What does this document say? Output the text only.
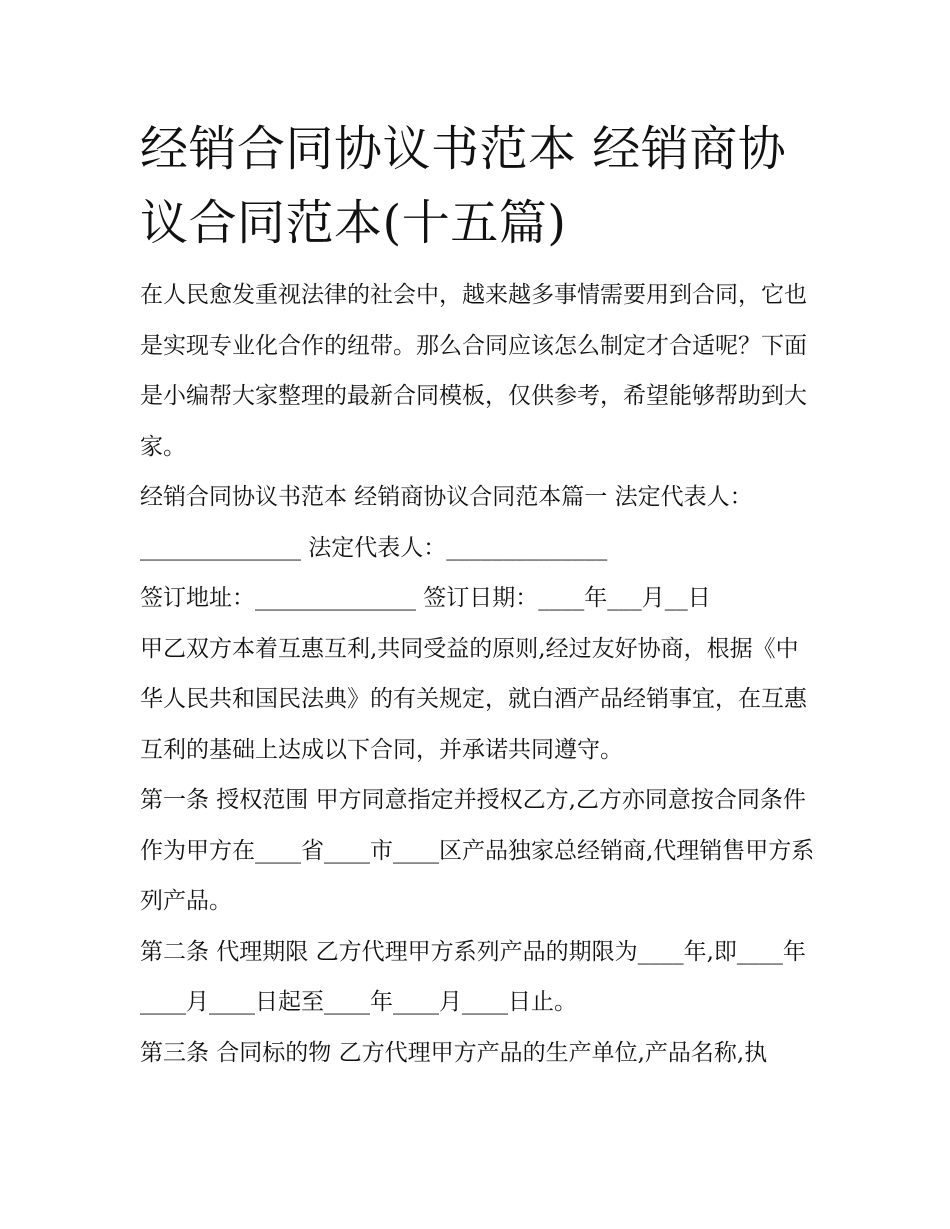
经销合同协议书范本 经销商协议合同范本(十五篇)

在人民愈发重视法律的社会中，越来越多事情需要用到合同，它也是实现专业化合作的纽带。那么合同应该怎么制定才合适呢？下面是小编帮大家整理的最新合同模板，仅供参考，希望能够帮助到大家。

经销合同协议书范本 经销商协议合同范本篇一 法定代表人：______________ 法定代表人：______________

签订地址：______________ 签订日期：____年___月__日

甲乙双方本着互惠互利,共同受益的原则,经过友好协商，根据《中华人民共和国民法典》的有关规定，就白酒产品经销事宜，在互惠互利的基础上达成以下合同，并承诺共同遵守。

第一条 授权范围 甲方同意指定并授权乙方,乙方亦同意按合同条件作为甲方在____省____市____区产品独家总经销商,代理销售甲方系列产品。

第二条 代理期限 乙方代理甲方系列产品的期限为____年,即____年____月____日起至____年____月____日止。

第三条 合同标的物 乙方代理甲方产品的生产单位,产品名称,执
